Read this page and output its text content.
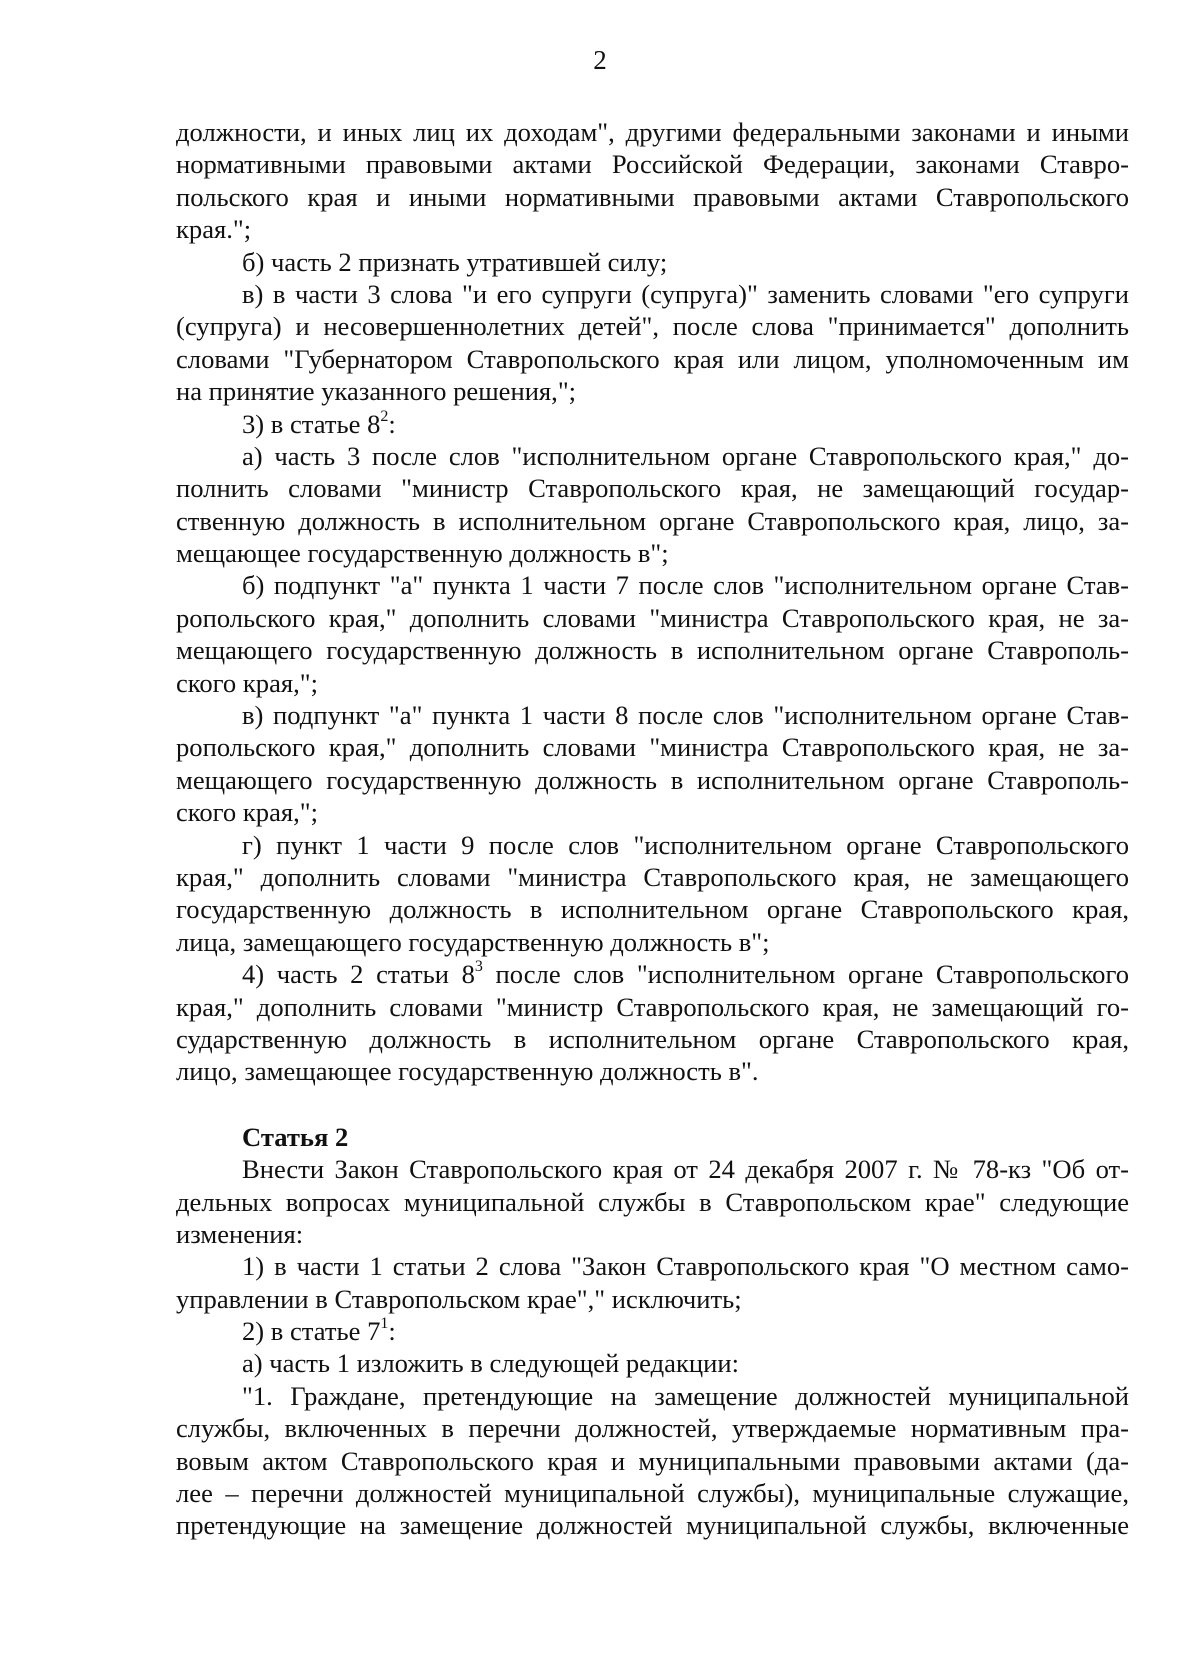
2
должности, и иных лиц их доходам", другими федеральными законами и иными
нормативными правовыми актами Российской Федерации, законами Ставро-
польского края и иными нормативными правовыми актами Ставропольского
края.";
б) часть 2 признать утратившей силу;
в) в части 3 слова "и его супруги (супруга)" заменить словами "его супруги
(супруга) и несовершеннолетних детей", после слова "принимается" дополнить
словами "Губернатором Ставропольского края или лицом, уполномоченным им
на принятие указанного решения,";
3) в статье $8^2$:
а) часть 3 после слов "исполнительном органе Ставропольского края," до-
полнить словами "министр Ставропольского края, не замещающий государ-
ственную должность в исполнительном органе Ставропольского края, лицо, за-
мещающее государственную должность в";
б) подпункт "а" пункта 1 части 7 после слов "исполнительном органе Став-
ропольского края," дополнить словами "министра Ставропольского края, не за-
мещающего государственную должность в исполнительном органе Ставрополь-
ского края,";
в) подпункт "а" пункта 1 части 8 после слов "исполнительном органе Став-
ропольского края," дополнить словами "министра Ставропольского края, не за-
мещающего государственную должность в исполнительном органе Ставрополь-
ского края,";
г) пункт 1 части 9 после слов "исполнительном органе Ставропольского
края," дополнить словами "министра Ставропольского края, не замещающего
государственную должность в исполнительном органе Ставропольского края,
лица, замещающего государственную должность в";
4) часть 2 статьи $8^3$ после слов "исполнительном органе Ставропольского
края," дополнить словами "министр Ставропольского края, не замещающий го-
сударственную должность в исполнительном органе Ставропольского края,
лицо, замещающее государственную должность в".
Статья 2
Внести Закон Ставропольского края от 24 декабря 2007 г. № 78-кз "Об от-
дельных вопросах муниципальной службы в Ставропольском крае" следующие
изменения:
1) в части 1 статьи 2 слова "Закон Ставропольского края "О местном само-
управлении в Ставропольском крае"," исключить;
2) в статье $7^1$:
а) часть 1 изложить в следующей редакции:
"1. Граждане, претендующие на замещение должностей муниципальной
службы, включенных в перечни должностей, утверждаемые нормативным пра-
вовым актом Ставропольского края и муниципальными правовыми актами (да-
лее – перечни должностей муниципальной службы), муниципальные служащие,
претендующие на замещение должностей муниципальной службы, включенные
